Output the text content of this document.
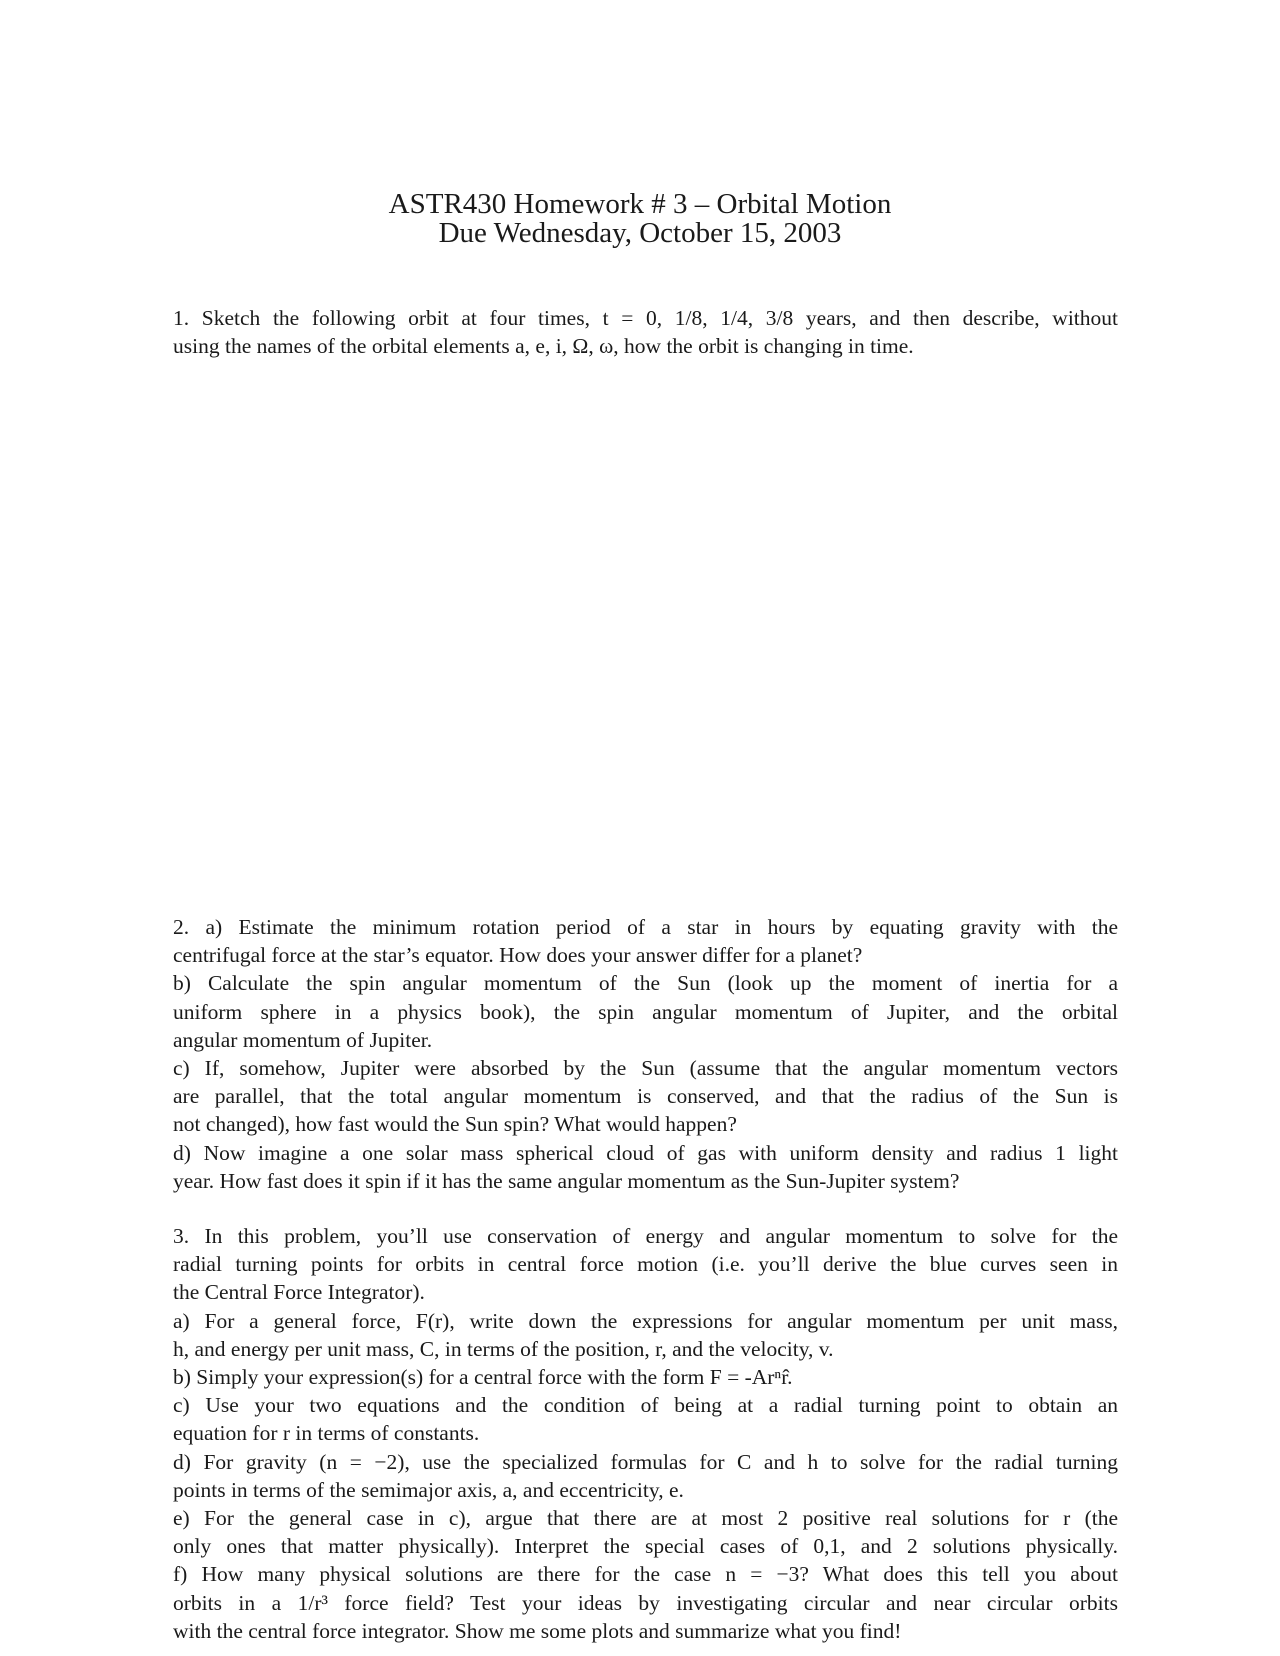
ASTR430 Homework # 3 – Orbital Motion
Due Wednesday, October 15, 2003
1. Sketch the following orbit at four times, t = 0, 1/8, 1/4, 3/8 years, and then describe, without
using the names of the orbital elements a, e, i, Ω, ω, how the orbit is changing in time.
2. a) Estimate the minimum rotation period of a star in hours by equating gravity with the
centrifugal force at the star’s equator. How does your answer differ for a planet?
b) Calculate the spin angular momentum of the Sun (look up the moment of inertia for a
uniform sphere in a physics book), the spin angular momentum of Jupiter, and the orbital
angular momentum of Jupiter.
c) If, somehow, Jupiter were absorbed by the Sun (assume that the angular momentum vectors
are parallel, that the total angular momentum is conserved, and that the radius of the Sun is
not changed), how fast would the Sun spin? What would happen?
d) Now imagine a one solar mass spherical cloud of gas with uniform density and radius 1 light
year. How fast does it spin if it has the same angular momentum as the Sun-Jupiter system?
3. In this problem, you’ll use conservation of energy and angular momentum to solve for the
radial turning points for orbits in central force motion (i.e. you’ll derive the blue curves seen in
the Central Force Integrator).
a) For a general force, F(r), write down the expressions for angular momentum per unit mass,
h, and energy per unit mass, C, in terms of the position, r, and the velocity, v.
b) Simply your expression(s) for a central force with the form F = -Arⁿr̂.
c) Use your two equations and the condition of being at a radial turning point to obtain an
equation for r in terms of constants.
d) For gravity (n = −2), use the specialized formulas for C and h to solve for the radial turning
points in terms of the semimajor axis, a, and eccentricity, e.
e) For the general case in c), argue that there are at most 2 positive real solutions for r (the
only ones that matter physically). Interpret the special cases of 0,1, and 2 solutions physically.
f) How many physical solutions are there for the case n = −3? What does this tell you about
orbits in a 1/r³ force field? Test your ideas by investigating circular and near circular orbits
with the central force integrator. Show me some plots and summarize what you find!
